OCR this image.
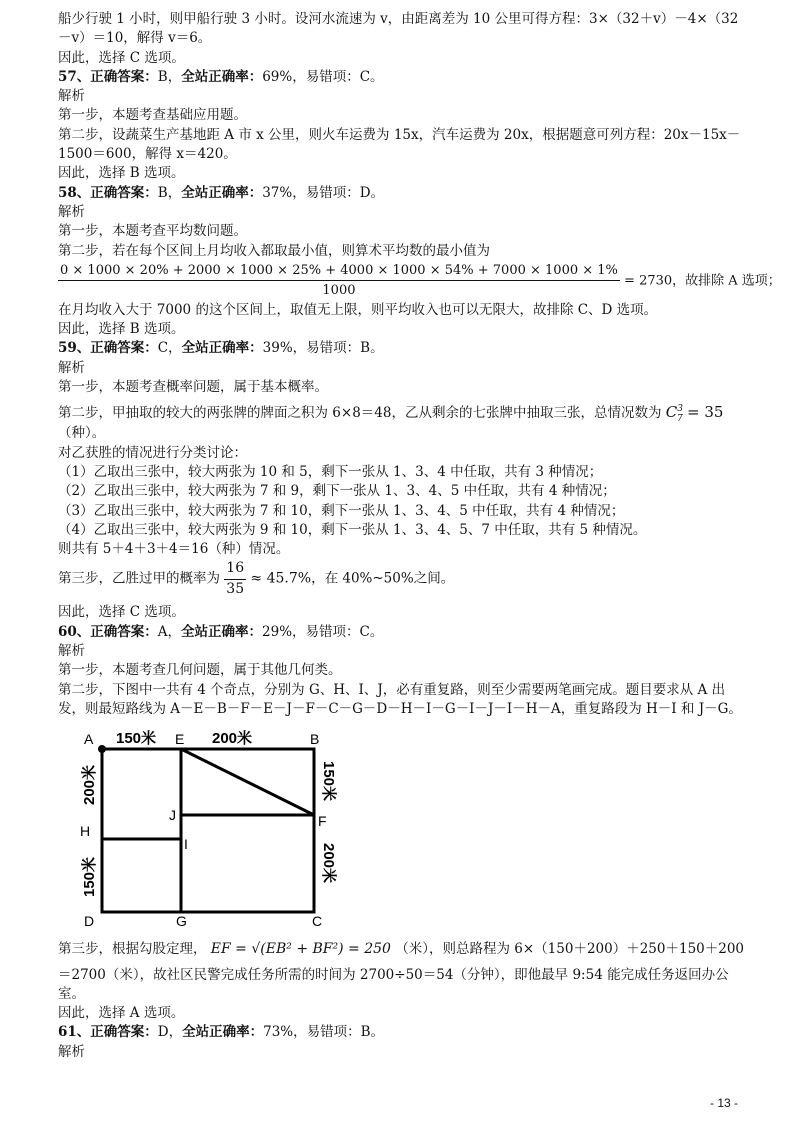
船少行驶 1 小时，则甲船行驶 3 小时。设河水流速为 v，由距离差为 10 公里可得方程：3×（32＋v）－4×（32
－v）＝10，解得 v＝6。
因此，选择 C 选项。
57、正确答案：B，全站正确率：69%，易错项：C。
解析
第一步，本题考查基础应用题。
第二步，设蔬菜生产基地距 A 市 x 公里，则火车运费为 15x，汽车运费为 20x，根据题意可列方程：20x－15x－
1500＝600，解得 x＝420。
因此，选择 B 选项。
58、正确答案：B，全站正确率：37%，易错项：D。
解析
第一步，本题考查平均数问题。
第二步，若在每个区间上月均收入都取最小值，则算术平均数的最小值为
0 × 1000 × 20% + 2000 × 1000 × 25% + 4000 × 1000 × 54% + 7000 × 1000 × 1%
1000
= 2730，故排除 A 选项；
在月均收入大于 7000 的这个区间上，取值无上限，则平均收入也可以无限大，故排除 C、D 选项。
因此，选择 B 选项。
59、正确答案：C，全站正确率：39%，易错项：B。
解析
第一步，本题考查概率问题，属于基本概率。
第二步，甲抽取的较大的两张牌的牌面之积为 6×8＝48，乙从剩余的七张牌中抽取三张，总情况数为 $C^3_7 = 35$
（种）。
对乙获胜的情况进行分类讨论：
（1）乙取出三张中，较大两张为 10 和 5，剩下一张从 1、3、4 中任取，共有 3 种情况；
（2）乙取出三张中，较大两张为 7 和 9，剩下一张从 1、3、4、5 中任取，共有 4 种情况；
（3）乙取出三张中，较大两张为 7 和 10，剩下一张从 1、3、4、5 中任取，共有 4 种情况；
（4）乙取出三张中，较大两张为 9 和 10，剩下一张从 1、3、4、5、7 中任取，共有 5 种情况。
则共有 5＋4＋3＋4＝16（种）情况。
第三步，乙胜过甲的概率为 $\frac{16}{35} \approx 45.7\%$，在 40%~50%之间。
因此，选择 C 选项。
60、正确答案：A，全站正确率：29%，易错项：C。
解析
第一步，本题考查几何问题，属于其他几何类。
第二步，下图中一共有 4 个奇点，分别为 G、H、I、J，必有重复路，则至少需要两笔画完成。题目要求从 A 出
发，则最短路线为 A－E－B－F－E－J－F－C－G－D－H－I－G－I－J－I－H－A，重复路段为 H－I 和 J－G。
A	E	B
J	F
H
I
D	G	C
150米	200米
200米
150米
150米
200米
第三步，根据勾股定理， EF = √(EB² + BF²) = 250 （米），则总路程为 6×（150＋200）＋250＋150＋200
＝2700（米），故社区民警完成任务所需的时间为 2700÷50＝54（分钟），即他最早 9:54 能完成任务返回办公
室。
因此，选择 A 选项。
61、正确答案：D，全站正确率：73%，易错项：B。
解析
- 13 -
